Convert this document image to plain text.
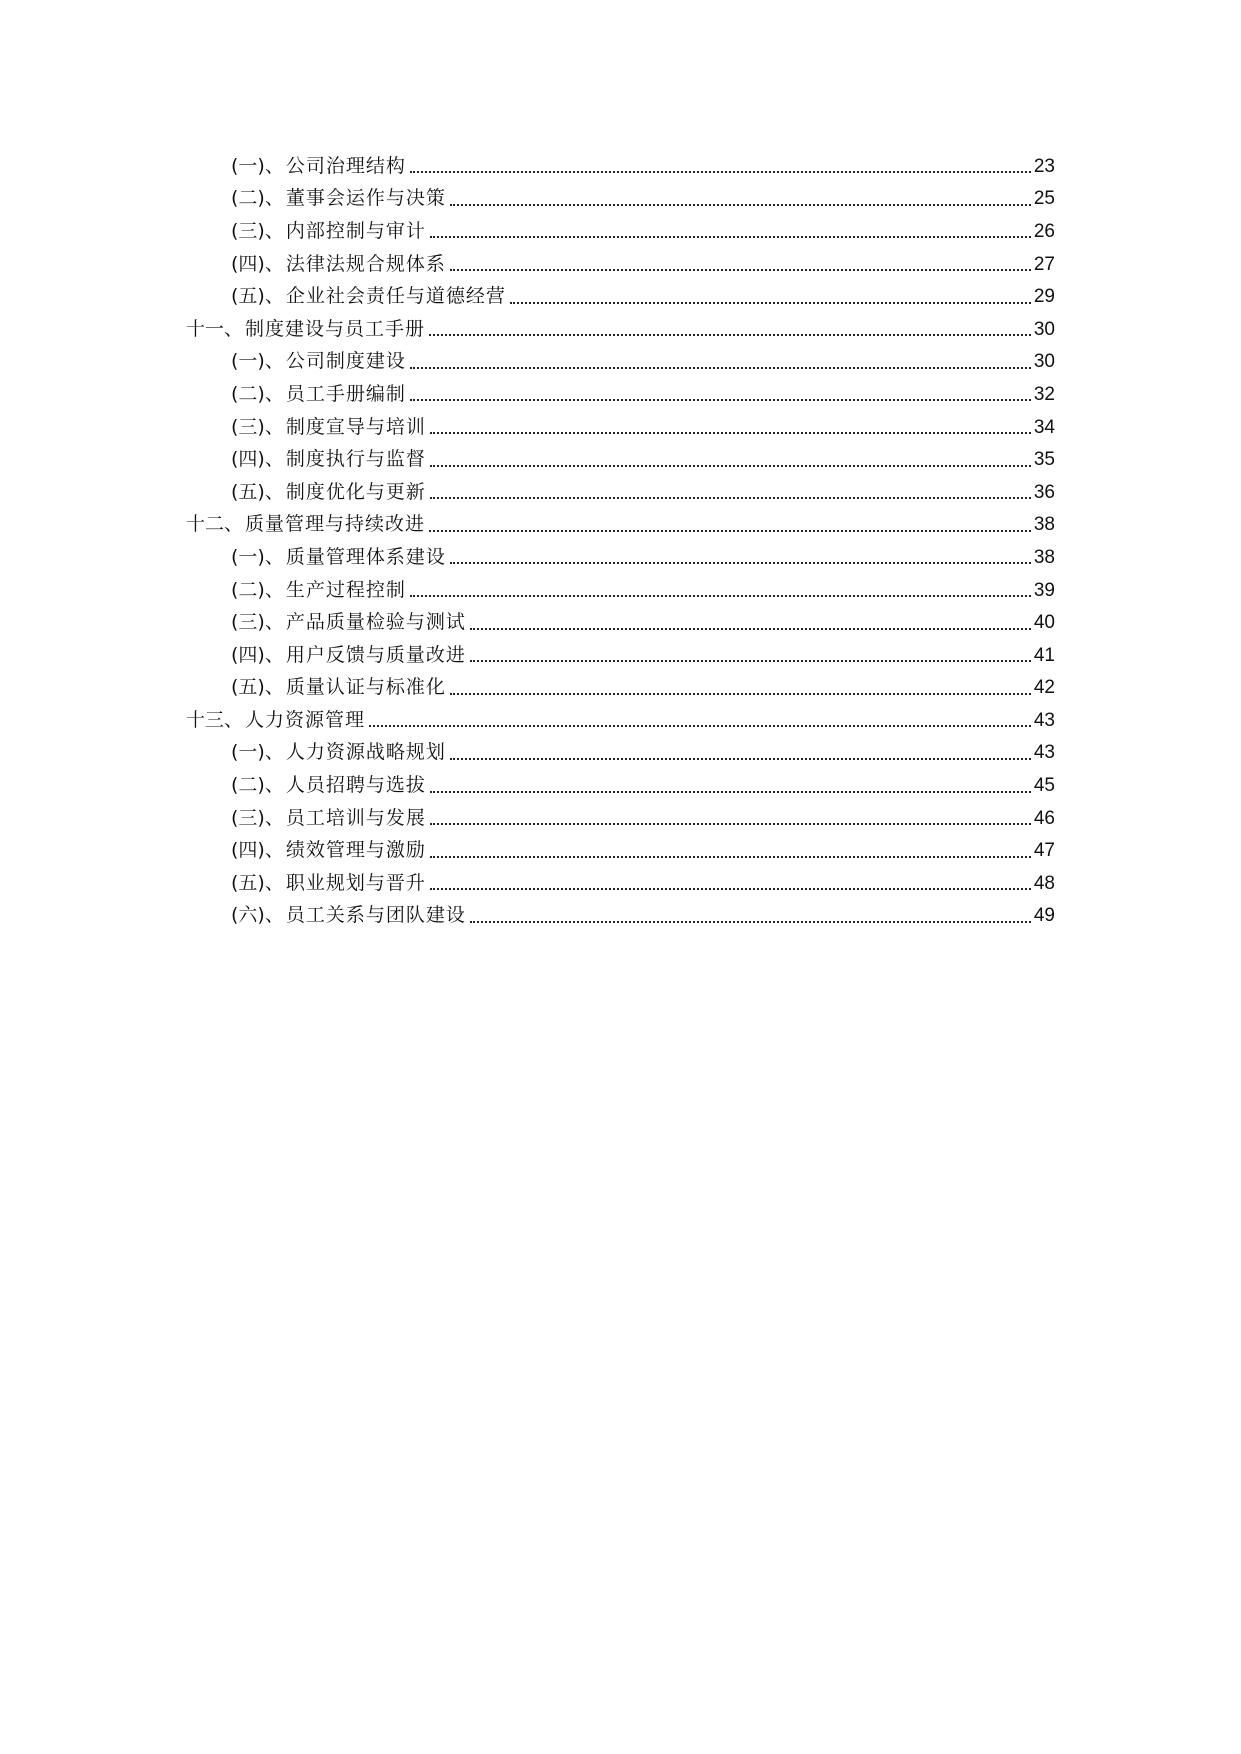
(一) 、 公司治理结构	23
(二) 、 董事会运作与决策	25
(三) 、 内部控制与审计	26
(四) 、 法律法规合规体系	27
(五) 、 企业社会责任与道德经营	29
十一 、 制度建设与员工手册	30
(一) 、 公司制度建设	30
(二) 、 员工手册编制	32
(三) 、 制度宣导与培训	34
(四) 、 制度执行与监督	35
(五) 、 制度优化与更新	36
十二 、 质量管理与持续改进	38
(一) 、 质量管理体系建设	38
(二) 、 生产过程控制	39
(三) 、 产品质量检验与测试	40
(四) 、 用户反馈与质量改进	41
(五) 、 质量认证与标准化	42
十三 、 人力资源管理	43
(一) 、 人力资源战略规划	43
(二) 、 人员招聘与选拔	45
(三) 、 员工培训与发展	46
(四) 、 绩效管理与激励	47
(五) 、 职业规划与晋升	48
(六) 、 员工关系与团队建设	49
